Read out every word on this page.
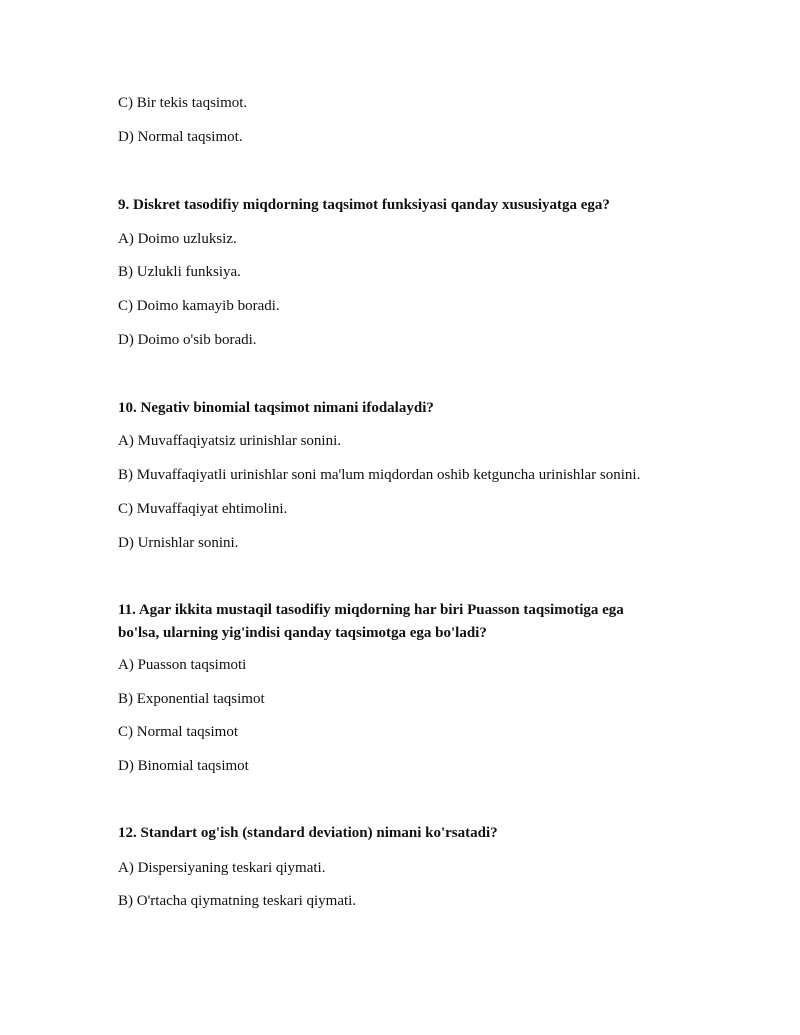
C) Bir tekis taqsimot.
D) Normal taqsimot.
9. Diskret tasodifiy miqdorning taqsimot funksiyasi qanday xususiyatga ega?
A) Doimo uzluksiz.
B) Uzlukli funksiya.
C) Doimo kamayib boradi.
D) Doimo o'sib boradi.
10. Negativ binomial taqsimot nimani ifodalaydi?
A) Muvaffaqiyatsiz urinishlar sonini.
B) Muvaffaqiyatli urinishlar soni ma'lum miqdordan oshib ketguncha urinishlar sonini.
C) Muvaffaqiyat ehtimolini.
D) Urnishlar sonini.
11. Agar ikkita mustaqil tasodifiy miqdorning har biri Puasson taqsimotiga ega
bo'lsa, ularning yig'indisi qanday taqsimotga ega bo'ladi?
A) Puasson taqsimoti
B) Exponential taqsimot
C) Normal taqsimot
D) Binomial taqsimot
12. Standart og'ish (standard deviation) nimani ko'rsatadi?
A) Dispersiyaning teskari qiymati.
B) O'rtacha qiymatning teskari qiymati.
